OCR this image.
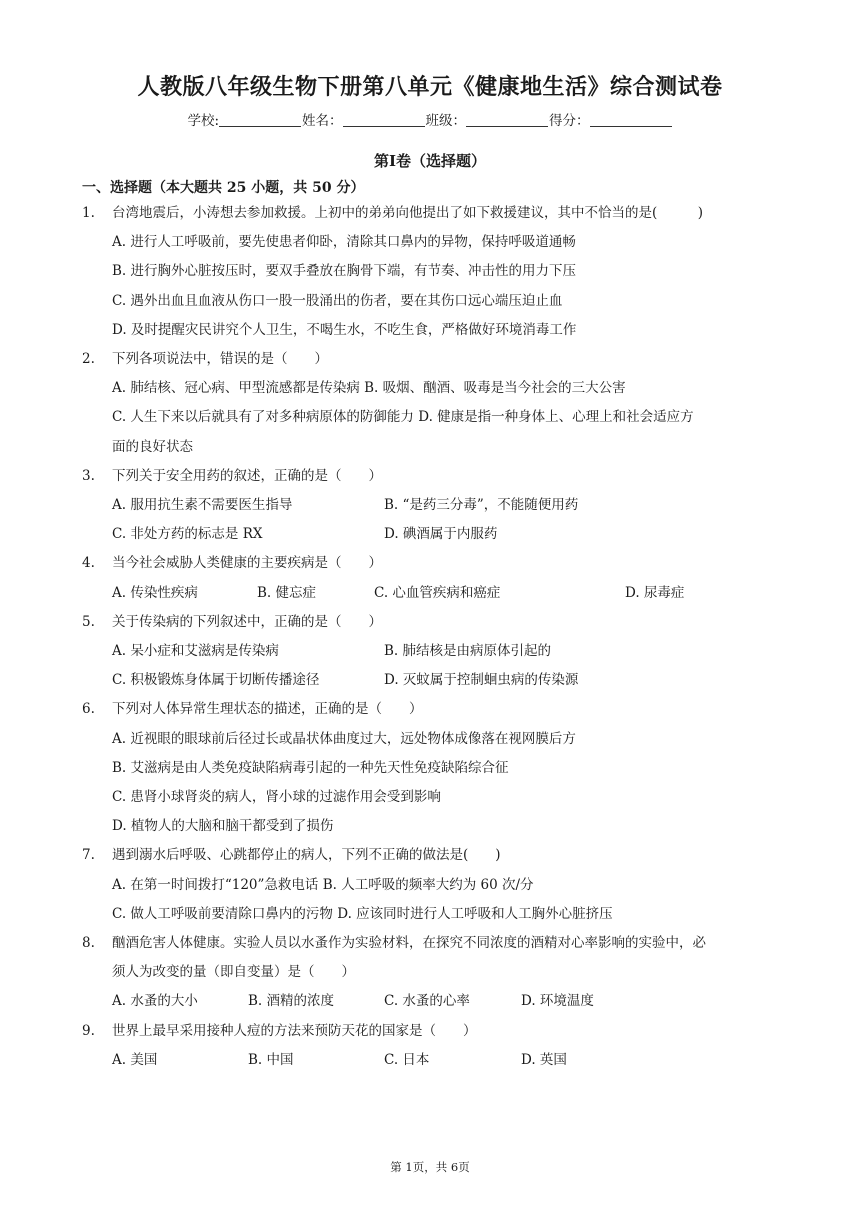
人教版八年级生物下册第八单元《健康地生活》综合测试卷
学校:	姓名：	班级：	得分：
第Ⅰ卷（选择题）
一、选择题（本大题共 25 小题，共 50 分）
1. 台湾地震后，小涛想去参加救援。上初中的弟弟向他提出了如下救援建议，其中不恰当的是(　　　)
A. 进行人工呼吸前，要先使患者仰卧，清除其口鼻内的异物，保持呼吸道通畅
B. 进行胸外心脏按压时，要双手叠放在胸骨下端，有节奏、冲击性的用力下压
C. 遇外出血且血液从伤口一股一股涌出的伤者，要在其伤口远心端压迫止血
D. 及时提醒灾民讲究个人卫生，不喝生水，不吃生食，严格做好环境消毒工作
2. 下列各项说法中，错误的是（　　）
A. 肺结核、冠心病、甲型流感都是传染病 B. 吸烟、酗酒、吸毒是当今社会的三大公害
C. 人生下来以后就具有了对多种病原体的防御能力 D. 健康是指一种身体上、心理上和社会适应方
面的良好状态
3. 下列关于安全用药的叙述，正确的是（　　）
A. 服用抗生素不需要医生指导	B. “是药三分毒”，不能随便用药
C. 非处方药的标志是 RX	D. 碘酒属于内服药
4. 当今社会威胁人类健康的主要疾病是（　　）
A. 传染性疾病	B. 健忘症	C. 心血管疾病和癌症	D. 尿毒症
5. 关于传染病的下列叙述中，正确的是（　　）
A. 呆小症和艾滋病是传染病	B. 肺结核是由病原体引起的
C. 积极锻炼身体属于切断传播途径	D. 灭蚊属于控制蛔虫病的传染源
6. 下列对人体异常生理状态的描述，正确的是（　　）
A. 近视眼的眼球前后径过长或晶状体曲度过大，远处物体成像落在视网膜后方
B. 艾滋病是由人类免疫缺陷病毒引起的一种先天性免疫缺陷综合征
C. 患肾小球肾炎的病人，肾小球的过滤作用会受到影响
D. 植物人的大脑和脑干都受到了损伤
7. 遇到溺水后呼吸、心跳都停止的病人，下列不正确的做法是(　　)
A. 在第一时间拨打“120”急救电话 B. 人工呼吸的频率大约为 60 次/分
C. 做人工呼吸前要清除口鼻内的污物 D. 应该同时进行人工呼吸和人工胸外心脏挤压
8. 酗酒危害人体健康。实验人员以水蚤作为实验材料，在探究不同浓度的酒精对心率影响的实验中，必
须人为改变的量（即自变量）是（　　）
A. 水蚤的大小	B. 酒精的浓度	C. 水蚤的心率	D. 环境温度
9. 世界上最早采用接种人痘的方法来预防天花的国家是（　　）
A. 美国	B. 中国	C. 日本	D. 英国
第 1页，共 6页
